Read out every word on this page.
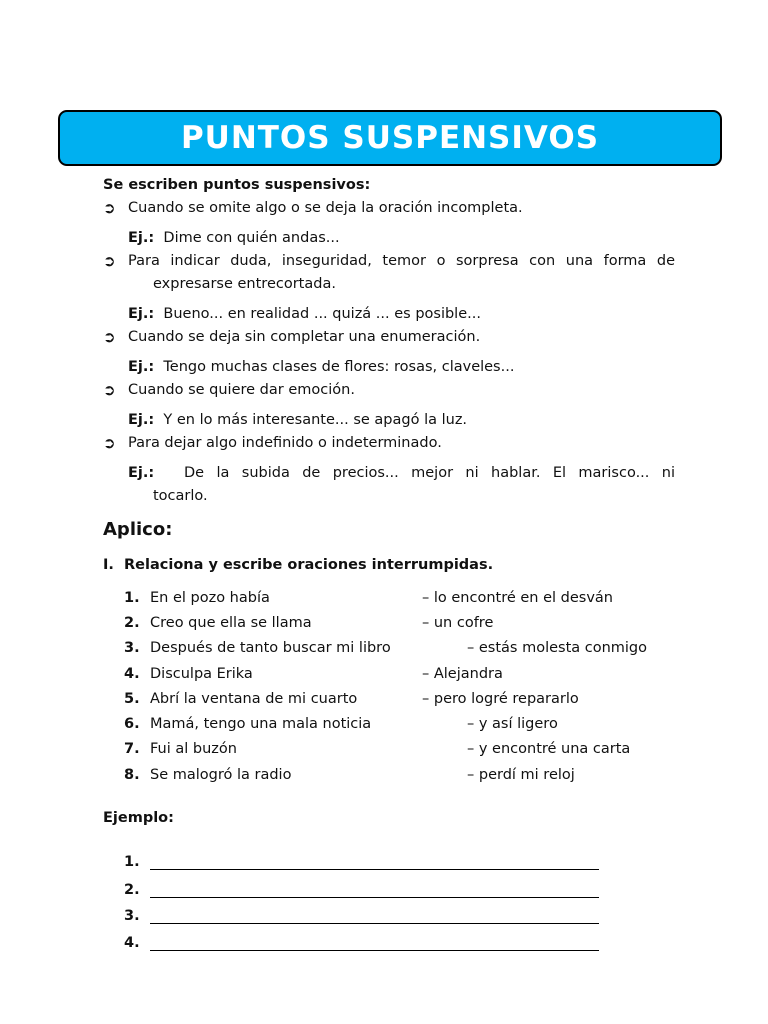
PUNTOS SUSPENSIVOS
Se escriben puntos suspensivos:
➲ Cuando se omite algo o se deja la oración incompleta.
Ej.: Dime con quién andas...
➲ Para indicar duda, inseguridad, temor o sorpresa con una forma de
expresarse entrecortada.
Ej.: Bueno... en realidad ... quizá ... es posible...
➲ Cuando se deja sin completar una enumeración.
Ej.: Tengo muchas clases de flores: rosas, claveles...
➲ Cuando se quiere dar emoción.
Ej.: Y en lo más interesante... se apagó la luz.
➲ Para dejar algo indefinido o indeterminado.
Ej.: De la subida de precios... mejor ni hablar. El marisco... ni
tocarlo.
Aplico:
I. Relaciona y escribe oraciones interrumpidas.
1. En el pozo había	– lo encontré en el desván
2. Creo que ella se llama	– un cofre
3. Después de tanto buscar mi libro	– estás molesta conmigo
4. Disculpa Erika	– Alejandra
5. Abrí la ventana de mi cuarto	– pero logré repararlo
6. Mamá, tengo una mala noticia	– y así ligero
7. Fui al buzón	– y encontré una carta
8. Se malogró la radio	– perdí mi reloj
Ejemplo:
1.
2.
3.
4.
